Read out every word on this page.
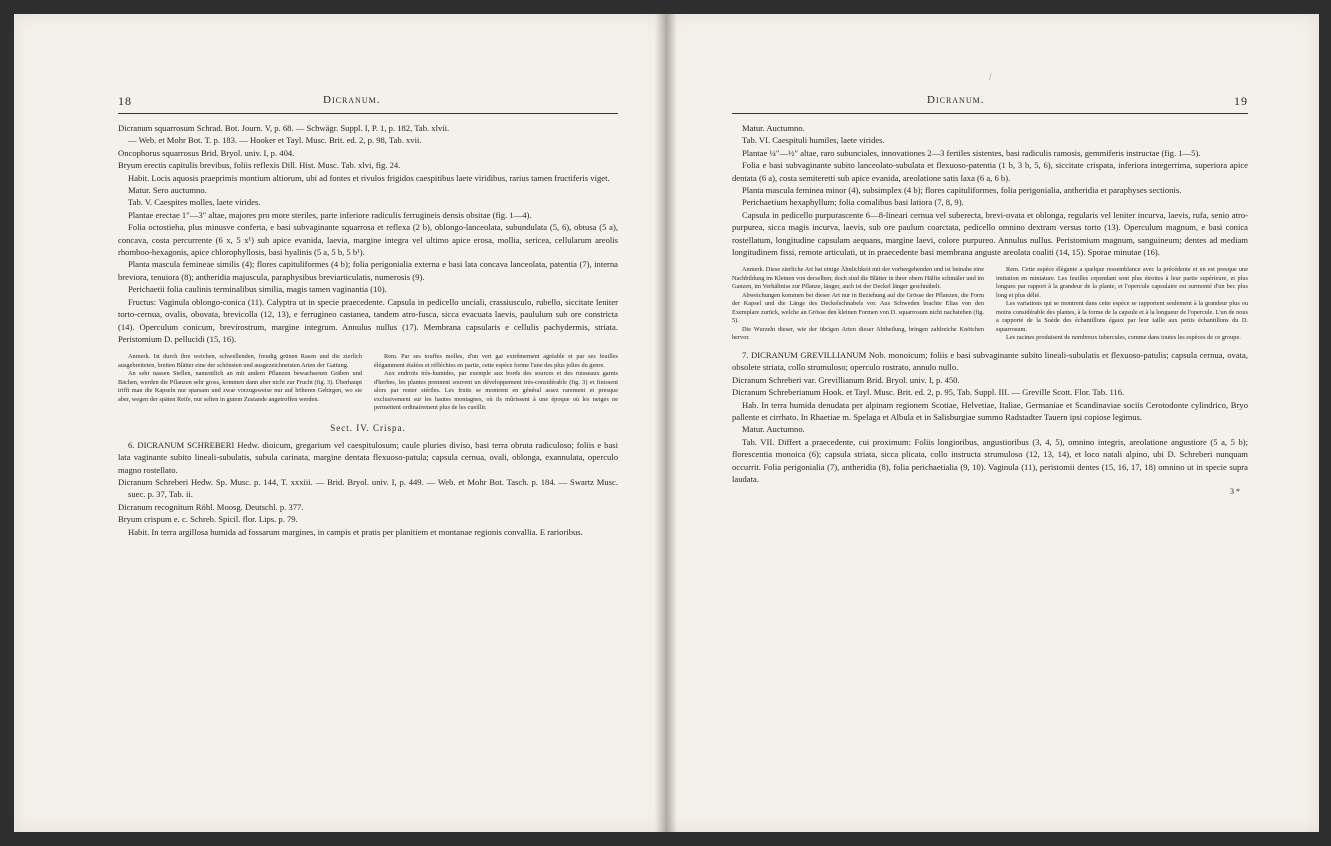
/
18	Dicranum.

Dicranum squarrosum Schrad. Bot. Journ. V, p. 68. — Schwägr. Suppl. I, P. 1, p. 182, Tab. xlvii.

— Web. et Mohr Bot. T. p. 183. — Hooker et Tayl. Musc. Brit. ed. 2, p. 98, Tab. xvii.

Oncophorus squarrosus Brid. Bryol. univ. I, p. 404.

Bryum erectis capitulis brevibus, foliis reflexis Dill. Hist. Musc. Tab. xlvi, fig. 24.

Habit. Locis aquosis praeprimis montium altiorum, ubi ad fontes et rivulos frigidos caespitibus laete viridibus, rarius tamen fructiferis viget.

Matur. Sero auctumno.

Tab. V. Caespites molles, laete virides.

Plantae erectae 1″—3″ altae, majores pro more steriles, parte inferiore radiculis ferrugineis densis obsitae (fig. 1—4).

Folia octostieha, plus minusve conferta, e basi subvaginante squarrosa et reflexa (2 b), oblongo-lanceolata, subundulata (5, 6), obtusa (5 a), concava, costa percurrente (6 x, 5 x¹) sub apice evanida, laevia, margine integra vel ultimo apice erosa, mollia, sericea, cellularum areolis rhomboo-hexagonis, apice chlorophyllosis, basi hyalinis (5 a, 5 b, 5 b¹).

Planta mascula femineae similis (4); flores capituliformes (4 b); folia perigonialia externa e basi lata concava lanceolata, patentia (7), interna breviora, tenuiora (8); antheridia majuscula, paraphysibus breviarticulatis, numerosis (9).

Perichaetii folia caulinis terminalibus similia, magis tamen vaginantia (10).

Fructus: Vaginula oblongo-conica (11). Calyptra ut in specie praecedente. Capsula in pedicello unciali, crassiusculo, rubello, siccitate leniter torto-cernua, ovalis, obovata, brevicolla (12, 13), e ferrugineo castanea, tandem atro-fusca, sicca evacuata laevis, paululum sub ore constricta (14). Operculum conicum, brevirostrum, margine integrum. Annulus nullus (17). Membrana capsularis e cellulis pachydermis, striata. Peristomium D. pellucidi (15, 16).

Anmerk. Ist durch ihre weichen, schwellenden, freudig grünen Rasen und die zierlich ausgebreiteten, breiten Blätter eine der schönsten und ausgezeichnetsten Arten der Gattung.

An sehr nassen Stellen, namentlich an mit andern Pflanzen bewachsenen Gräben und Bächen, werden die Pflanzen sehr gross, kommen dann aber nicht zur Frucht (fig. 3). Überhaupt trifft man die Kapseln nur sparsam und zwar vorzugsweise nur auf höheren Gebirgen, wo sie aber, wegen der späten Reife, nur selten in gutem Zustande angetroffen werden.

Rem. Par ses touffes molles, d'un vert gai extrêmement agréable et par ses feuilles élégamment étalées et réfléchies en partie, cette espèce forme l'une des plus jolies du genre.

Aux endroits très-humides, par exemple aux bords des sources et des ruisseaux garnis d'herbes, les plantes prennent souvent un développement très-considérable (fig. 3) et finissent alors par rester stériles. Les fruits se montrent en général assez rarement et presque exclusivement sur les hautes montagnes, où ils mûrissent à une époque où les neiges ne permettent ordinairement plus de les cueillir.

Sect. IV. Crispa.

6. DICRANUM SCHREBERI Hedw. dioicum, gregarium vel caespitulosum; caule pluries diviso, basi terra obruta radiculoso; foliis e basi lata vaginante subito lineali-subulatis, subula carinata, margine dentata flexuoso-patula; capsula cernua, ovali, oblonga, exannulata, operculo magno rostellato.

Dicranum Schreberi Hedw. Sp. Musc. p. 144, T. xxxiii. — Brid. Bryol. univ. I, p. 449. — Web. et Mohr Bot. Tasch. p. 184. — Swartz Musc. suec. p. 37, Tab. ii.

Dicranum recognitum Röhl. Moosg. Deutschl. p. 377.

Bryum crispum e. c. Schreb. Spicil. flor. Lips. p. 79.

Habit. In terra argillosa humida ad fossarum margines, in campis et pratis per planitiem et montanae regionis convallia. E rarioribus.

Dicranum.	19

Matur. Auctumno.

Tab. VI. Caespituli humiles, laete virides.

Plantae ¼″—½″ altae, raro subunciales, innovationes 2—3 fertiles sistentes, basi radiculis ramosis, gemmiferis instructae (fig. 1—5).

Folia e basi subvaginante subito lanceolato-subulata et flexuoso-patentia (1 b, 3 b, 5, 6), siccitate crispata, inferiora integerrima, superiora apice dentata (6 a), costa semiteretti sub apice evanida, areolatione satis laxa (6 a, 6 b).

Planta mascula femineа minor (4), subsimplex (4 b); flores capituliformes, folia perigonialia, antheridia et paraphyses sectionis.

Perichaetium hexaphyllum; folia comalibus basi latiora (7, 8, 9).

Capsula in pedicello purpurascente 6—8-lineari cernua vel suberecta, brevi-ovata et oblonga, regularis vel leniter incurva, laevis, rufa, senio atro-purpurea, sicca magis incurva, laevis, sub ore paulum coarctata, pedicello omnino dextram versus torto (13). Operculum magnum, e basi conica rostellatum, longitudine capsulam aequans, margine laevi, colore purpureo. Annulus nullus. Peristomium magnum, sanguineum; dentes ad mediam longitudinem fissi, remote articulati, ut in praecedente basi membrana anguste areolata coaliti (14, 15). Sporae minutae (16).

Anmerk. Diese zierliche Art hat einige Ähnlichkeit mit der vorhergehenden und ist beinahe eine Nachbildung im Kleinen von derselben; doch sind die Blätter in ihrer obern Hälfte schmäler und im Ganzen, im Verhältniss zur Pflanze, länger, auch ist der Deckel länger geschnäbelt.

Abweichungen kommen bei dieser Art nur in Beziehung auf die Grösse der Pflanzen, die Form der Kapsel und die Länge des Deckelschnabels vor. Aus Schweden brachte Elias von den Exemplare zurück, welche an Grösse den kleinen Formen von D. squarrosum nicht nachstehen (fig. 5).

Die Wurzeln dieser, wie der übrigen Arten dieser Abtheilung, bringen zahlreiche Knötchen hervor.

Rem. Cette espèce élégante a quelque ressemblance avec la précédente et en est presque une imitation en miniature. Les feuilles cependant sont plus étroites à leur partie supérieure, et plus longues par rapport à la grandeur de la plante, et l'opercule capsulaire est surmonté d'un bec plus long et plus délié.

Les variations qui se montrent dans cette espèce se rapportent seulement à la grandeur plus ou moins considérable des plantes, à la forme de la capsule et à la longueur de l'opercule. L'un de nous a rapporté de la Suède des échantillons égaux par leur taille aux petits échantillons du D. squarrosum.

Les racines produisent de nombreux tubercules, comme dans toutes les espèces de ce groupe.

7. DICRANUM GREVILLIANUM Nob. monoicum; foliis e basi subvaginante subito lineali-subulatis et flexuoso-patulis; capsula cernua, ovata, obsolete striata, collo strumuloso; operculo rostrato, annulo nullo.

Dicranum Schreberi var. Grevillianum Brid. Bryol. univ. I, p. 450.

Dicranum Schreberianum Hook. et Tayl. Musc. Brit. ed. 2, p. 95, Tab. Suppl. III. — Greville Scott. Flor. Tab. 116.

Hab. In terra humida denudata per alpinam regionem Scotiae, Helvetiae, Italiae, Germaniae et Scandinaviae sociis Cerotodonte cylindrico, Bryo pallente et cirrhato. In Rhaetiae m. Spelaga et Albula et in Salisburgiae summo Radstadter Tauern ipsi copiose legimus.

Matur. Auctumno.

Tab. VII. Differt a praecedente, cui proximum: Foliis longioribus, angustioribus (3, 4, 5), omnino integris, areolatione angustiore (5 a, 5 b); florescentia monoica (6); capsula striata, sicca plicata, collo instructa strumuloso (12, 13, 14), et loco natali alpino, ubi D. Schreberi nunquam occurrit. Folia perigonialia (7), antheridia (8), folia perichaetialia (9, 10). Vaginula (11), peristomii dentes (15, 16, 17, 18) omnino ut in specie supra laudata.

3 *
